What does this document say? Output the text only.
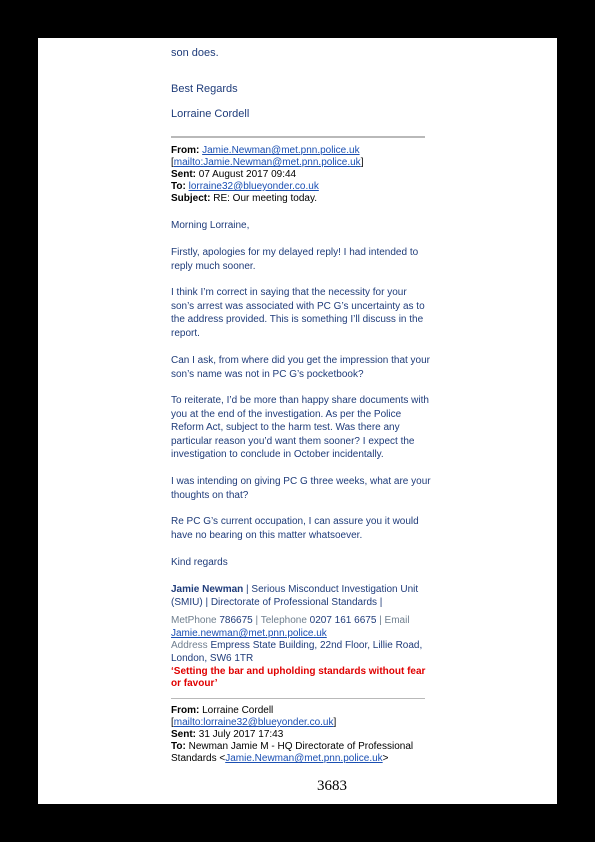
son does.
Best Regards
Lorraine Cordell
From: Jamie.Newman@met.pnn.police.uk
[mailto:Jamie.Newman@met.pnn.police.uk]
Sent: 07 August 2017 09:44
To: lorraine32@blueyonder.co.uk
Subject: RE: Our meeting today.
Morning Lorraine,
Firstly, apologies for my delayed reply! I had intended to reply much sooner.
I think I’m correct in saying that the necessity for your son’s arrest was associated with PC G’s uncertainty as to the address provided. This is something I’ll discuss in the report.
Can I ask, from where did you get the impression that your son’s name was not in PC G’s pocketbook?
To reiterate, I’d be more than happy share documents with you at the end of the investigation. As per the Police Reform Act, subject to the harm test. Was there any particular reason you’d want them sooner? I expect the investigation to conclude in October incidentally.
I was intending on giving PC G three weeks, what are your thoughts on that?
Re PC G’s current occupation, I can assure you it would have no bearing on this matter whatsoever.
Kind regards
Jamie Newman | Serious Misconduct Investigation Unit
(SMIU) | Directorate of Professional Standards |
MetPhone 786675 | Telephone 0207 161 6675 | Email
Jamie.newman@met.pnn.police.uk
Address Empress State Building, 22nd Floor, Lillie Road,
London, SW6 1TR
‘Setting the bar and upholding standards without fear
or favour’
From: Lorraine Cordell
[mailto:lorraine32@blueyonder.co.uk]
Sent: 31 July 2017 17:43
To: Newman Jamie M - HQ Directorate of Professional
Standards <Jamie.Newman@met.pnn.police.uk>
3683
